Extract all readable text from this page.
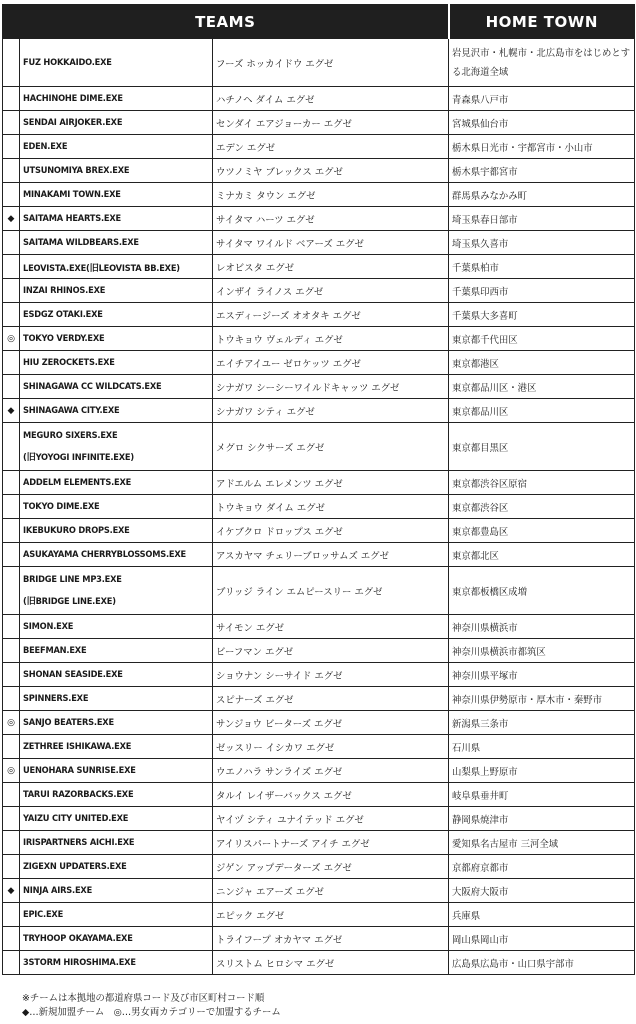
TEAMS			HOME TOWN
	FUZ HOKKAIDO.EXE	フーズ ホッカイドウ エグゼ	岩見沢市・札幌市・北広島市をはじめとする北海道全域

	HACHINOHE DIME.EXE	ハチノヘ ダイム エグゼ	青森県八戸市
	SENDAI AIRJOKER.EXE	センダイ エアジョーカー エグゼ	宮城県仙台市
	EDEN.EXE	エデン エグゼ	栃木県日光市・宇都宮市・小山市
	UTSUNOMIYA BREX.EXE	ウツノミヤ ブレックス エグゼ	栃木県宇都宮市
	MINAKAMI TOWN.EXE	ミナカミ タウン エグゼ	群馬県みなかみ町
◆	SAITAMA HEARTS.EXE	サイタマ ハーツ エグゼ	埼玉県春日部市
	SAITAMA WILDBEARS.EXE	サイタマ ワイルド ベアーズ エグゼ	埼玉県久喜市
	LEOVISTA.EXE(旧LEOVISTA BB.EXE)	レオビスタ エグゼ	千葉県柏市
	INZAI RHINOS.EXE	インザイ ライノス エグゼ	千葉県印西市
	ESDGZ OTAKI.EXE	エスディージーズ オオタキ エグゼ	千葉県大多喜町
◎	TOKYO VERDY.EXE	トウキョウ ヴェルディ エグゼ	東京都千代田区
	HIU ZEROCKETS.EXE	エイチアイユー ゼロケッツ エグゼ	東京都港区
	SHINAGAWA CC WILDCATS.EXE	シナガワ シーシーワイルドキャッツ エグゼ	東京都品川区・港区
◆	SHINAGAWA CITY.EXE	シナガワ シティ エグゼ	東京都品川区

	MEGURO SIXERS.EXE
(旧YOYOGI INFINITE.EXE)	メグロ シクサーズ エグゼ	東京都目黒区
	ADDELM ELEMENTS.EXE	アドエルム エレメンツ エグゼ	東京都渋谷区原宿
	TOKYO DIME.EXE	トウキョウ ダイム エグゼ	東京都渋谷区
	IKEBUKURO DROPS.EXE	イケブクロ ドロップス エグゼ	東京都豊島区
	ASUKAYAMA CHERRYBLOSSOMS.EXE	アスカヤマ チェリーブロッサムズ エグゼ	東京都北区

	BRIDGE LINE MP3.EXE
(旧BRIDGE LINE.EXE)	ブリッジ ライン エムピースリー エグゼ	東京都板橋区成増
	SIMON.EXE	サイモン エグゼ	神奈川県横浜市
	BEEFMAN.EXE	ビーフマン エグゼ	神奈川県横浜市都筑区
	SHONAN SEASIDE.EXE	ショウナン シーサイド エグゼ	神奈川県平塚市
	SPINNERS.EXE	スピナーズ エグゼ	神奈川県伊勢原市・厚木市・秦野市
◎	SANJO BEATERS.EXE	サンジョウ ビーターズ エグゼ	新潟県三条市
	ZETHREE ISHIKAWA.EXE	ゼッスリー イシカワ エグゼ	石川県
◎	UENOHARA SUNRISE.EXE	ウエノハラ サンライズ エグゼ	山梨県上野原市
	TARUI RAZORBACKS.EXE	タルイ レイザーバックス エグゼ	岐阜県垂井町
	YAIZU CITY UNITED.EXE	ヤイヅ シティ ユナイテッド エグゼ	静岡県焼津市
	IRISPARTNERS AICHI.EXE	アイリスパートナーズ アイチ エグゼ	愛知県名古屋市 三河全域
	ZIGEXN UPDATERS.EXE	ジゲン アップデーターズ エグゼ	京都府京都市
◆	NINJA AIRS.EXE	ニンジャ エアーズ エグゼ	大阪府大阪市
	EPIC.EXE	エピック エグゼ	兵庫県
	TRYHOOP OKAYAMA.EXE	トライフープ オカヤマ エグゼ	岡山県岡山市
	3STORM HIROSHIMA.EXE	スリストム ヒロシマ エグゼ	広島県広島市・山口県宇部市
※チームは本拠地の都道府県コード及び市区町村コード順
◆…新規加盟チーム　◎…男女両カテゴリーで加盟するチーム
